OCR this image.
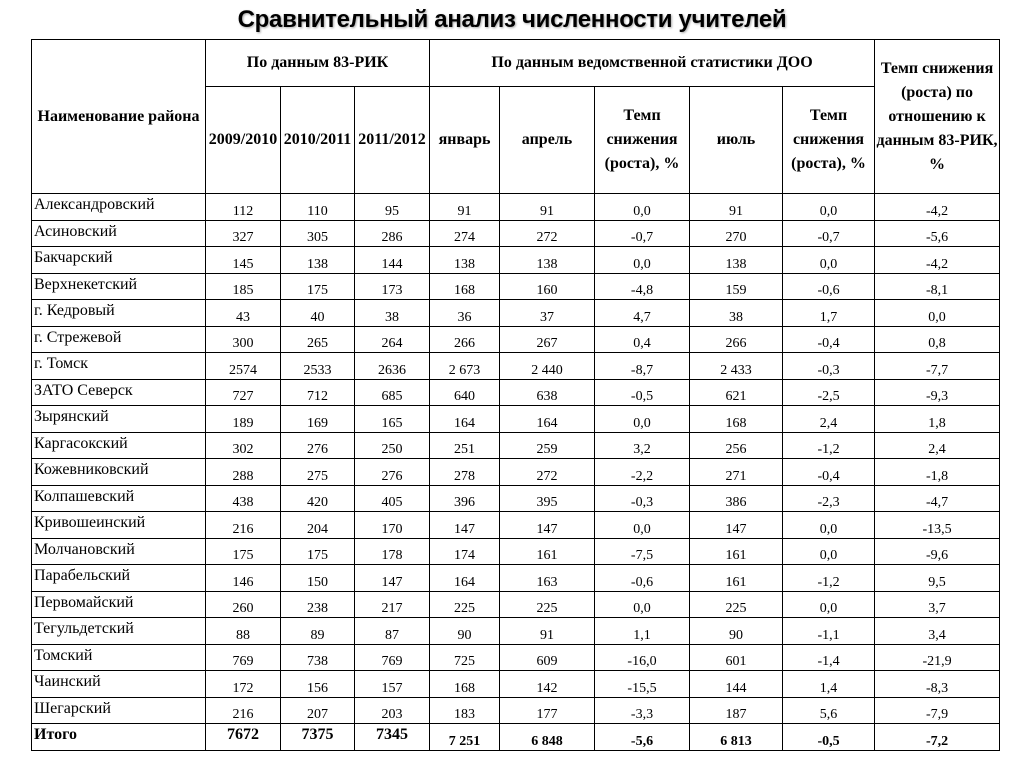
Сравнительный анализ численности учителей
Наименование района	По данным 83-РИК			По данным ведомственной статистики ДОО					Темп снижения (роста) по отношению к данным 83-РИК, %
	2009/2010	2010/2011	2011/2012	январь	апрель	Темп снижения (роста), %	июль	Темп снижения (роста), %	
Александровский	112	110	95	91	91	0,0	91	0,0	-4,2
Асиновский	327	305	286	274	272	-0,7	270	-0,7	-5,6
Бакчарский	145	138	144	138	138	0,0	138	0,0	-4,2
Верхнекетский	185	175	173	168	160	-4,8	159	-0,6	-8,1
г. Кедровый	43	40	38	36	37	4,7	38	1,7	0,0
г. Стрежевой	300	265	264	266	267	0,4	266	-0,4	0,8
г. Томск	2574	2533	2636	2 673	2 440	-8,7	2 433	-0,3	-7,7
ЗАТО Северск	727	712	685	640	638	-0,5	621	-2,5	-9,3
Зырянский	189	169	165	164	164	0,0	168	2,4	1,8
Каргасокский	302	276	250	251	259	3,2	256	-1,2	2,4
Кожевниковский	288	275	276	278	272	-2,2	271	-0,4	-1,8
Колпашевский	438	420	405	396	395	-0,3	386	-2,3	-4,7
Кривошеинский	216	204	170	147	147	0,0	147	0,0	-13,5
Молчановский	175	175	178	174	161	-7,5	161	0,0	-9,6
Парабельский	146	150	147	164	163	-0,6	161	-1,2	9,5
Первомайский	260	238	217	225	225	0,0	225	0,0	3,7
Тегульдетский	88	89	87	90	91	1,1	90	-1,1	3,4
Томский	769	738	769	725	609	-16,0	601	-1,4	-21,9
Чаинский	172	156	157	168	142	-15,5	144	1,4	-8,3
Шегарский	216	207	203	183	177	-3,3	187	5,6	-7,9
Итого	7672	7375	7345	7 251	6 848	-5,6	6 813	-0,5	-7,2
